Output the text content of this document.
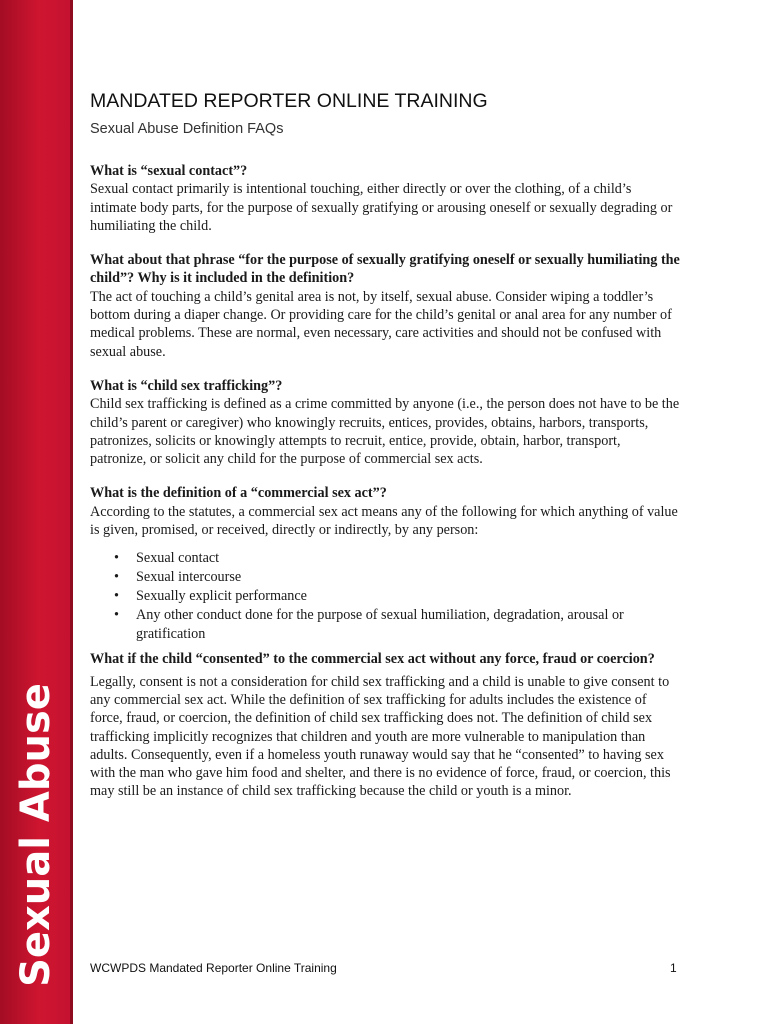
Sexual Abuse
MANDATED REPORTER ONLINE TRAINING
Sexual Abuse Definition FAQs

What is “sexual contact”?

Sexual contact primarily is intentional touching, either directly or over the clothing, of a child’s intimate body parts, for the purpose of sexually gratifying or arousing oneself or sexually degrading or humiliating the child.

What about that phrase “for the purpose of sexually gratifying oneself or sexually humiliating the child”? Why is it included in the definition?

The act of touching a child’s genital area is not, by itself, sexual abuse. Consider wiping a toddler’s bottom during a diaper change. Or providing care for the child’s genital or anal area for any number of medical problems. These are normal, even necessary, care activities and should not be confused with sexual abuse.

What is “child sex trafficking”?

Child sex trafficking is defined as a crime committed by anyone (i.e., the person does not have to be the child’s parent or caregiver) who knowingly recruits, entices, provides, obtains, harbors, transports, patronizes, solicits or knowingly attempts to recruit, entice, provide, obtain, harbor, transport, patronize, or solicit any child for the purpose of commercial sex acts.

What is the definition of a “commercial sex act”?

According to the statutes, a commercial sex act means any of the following for which anything of value is given, promised, or received, directly or indirectly, by any person:

• Sexual contact
• Sexual intercourse
• Sexually explicit performance
• Any other conduct done for the purpose of sexual humiliation, degradation, arousal or gratification

What if the child “consented” to the commercial sex act without any force, fraud or coercion?

Legally, consent is not a consideration for child sex trafficking and a child is unable to give consent to any commercial sex act. While the definition of sex trafficking for adults includes the existence of force, fraud, or coercion, the definition of child sex trafficking does not. The definition of child sex trafficking implicitly recognizes that children and youth are more vulnerable to manipulation than adults. Consequently, even if a homeless youth runaway would say that he “consented” to having sex with the man who gave him food and shelter, and there is no evidence of force, fraud, or coercion, this may still be an instance of child sex trafficking because the child or youth is a minor.

WCWPDS Mandated Reporter Online Training	1
